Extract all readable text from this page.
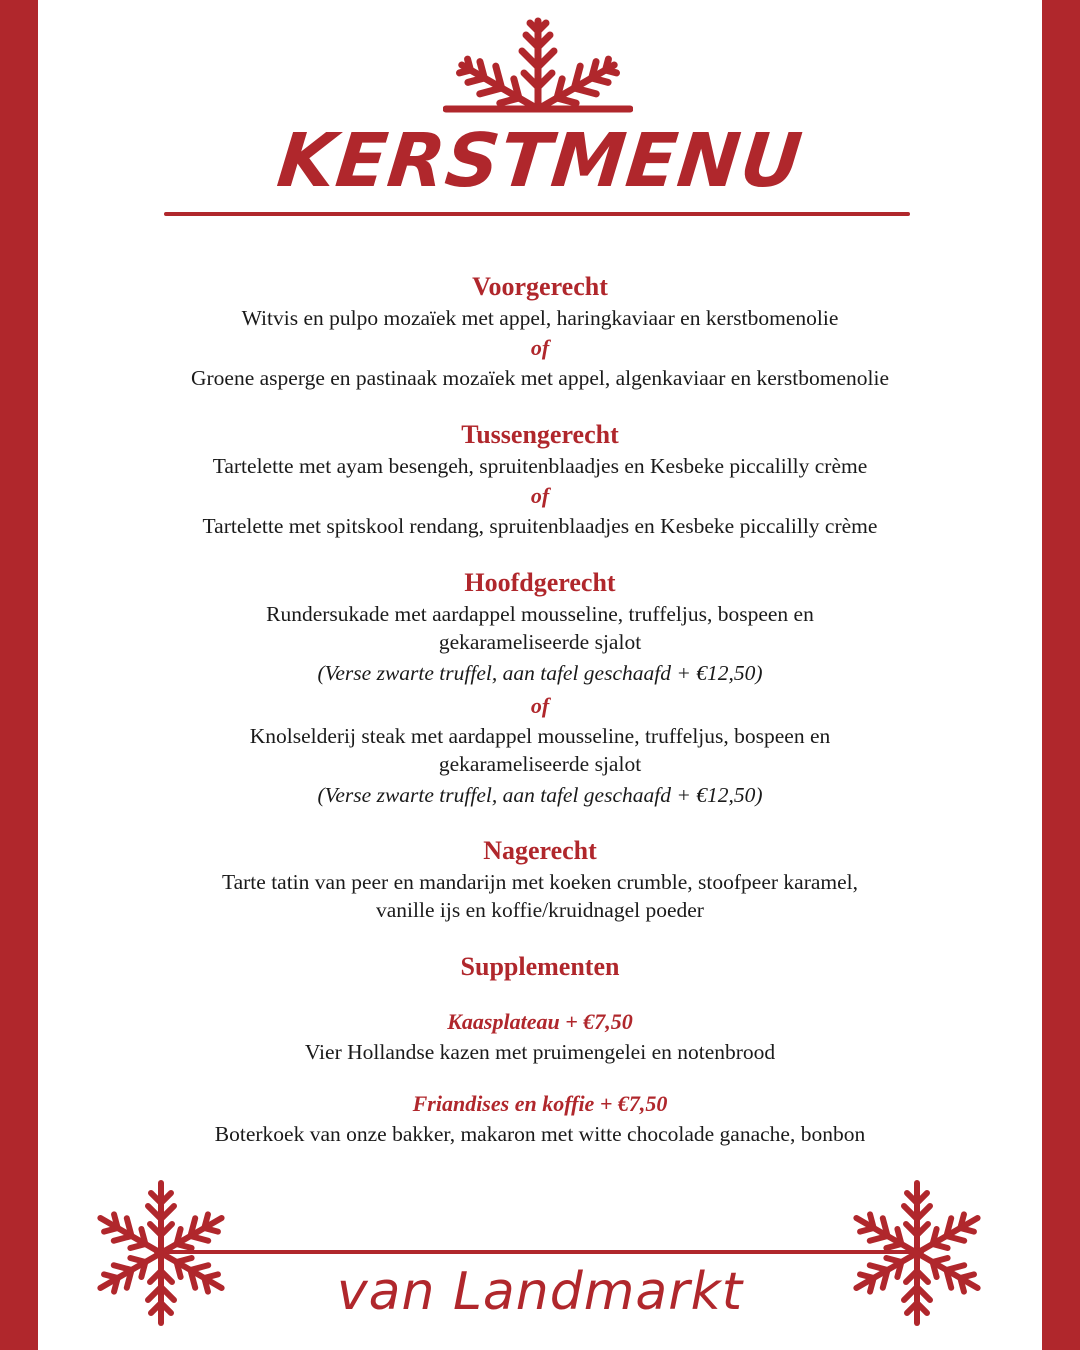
KERSTMENU
Voorgerecht
Witvis en pulpo mozaïek met appel, haringkaviaar en kerstbomenolie
of
Groene asperge en pastinaak mozaïek met appel, algenkaviaar en kerstbomenolie
Tussengerecht
Tartelette met ayam besengeh, spruitenblaadjes en Kesbeke piccalilly crème
of
Tartelette met spitskool rendang, spruitenblaadjes en Kesbeke piccalilly crème
Hoofdgerecht
Rundersukade met aardappel mousseline, truffeljus, bospeen en
gekarameliseerde sjalot
(Verse zwarte truffel, aan tafel geschaafd + €12,50)
of
Knolselderij steak met aardappel mousseline, truffeljus, bospeen en
gekarameliseerde sjalot
(Verse zwarte truffel, aan tafel geschaafd + €12,50)
Nagerecht
Tarte tatin van peer en mandarijn met koeken crumble, stoofpeer karamel,
vanille ijs en koffie/kruidnagel poeder
Supplementen
Kaasplateau + €7,50
Vier Hollandse kazen met pruimengelei en notenbrood
Friandises en koffie + €7,50
Boterkoek van onze bakker, makaron met witte chocolade ganache, bonbon
van Landmarkt
